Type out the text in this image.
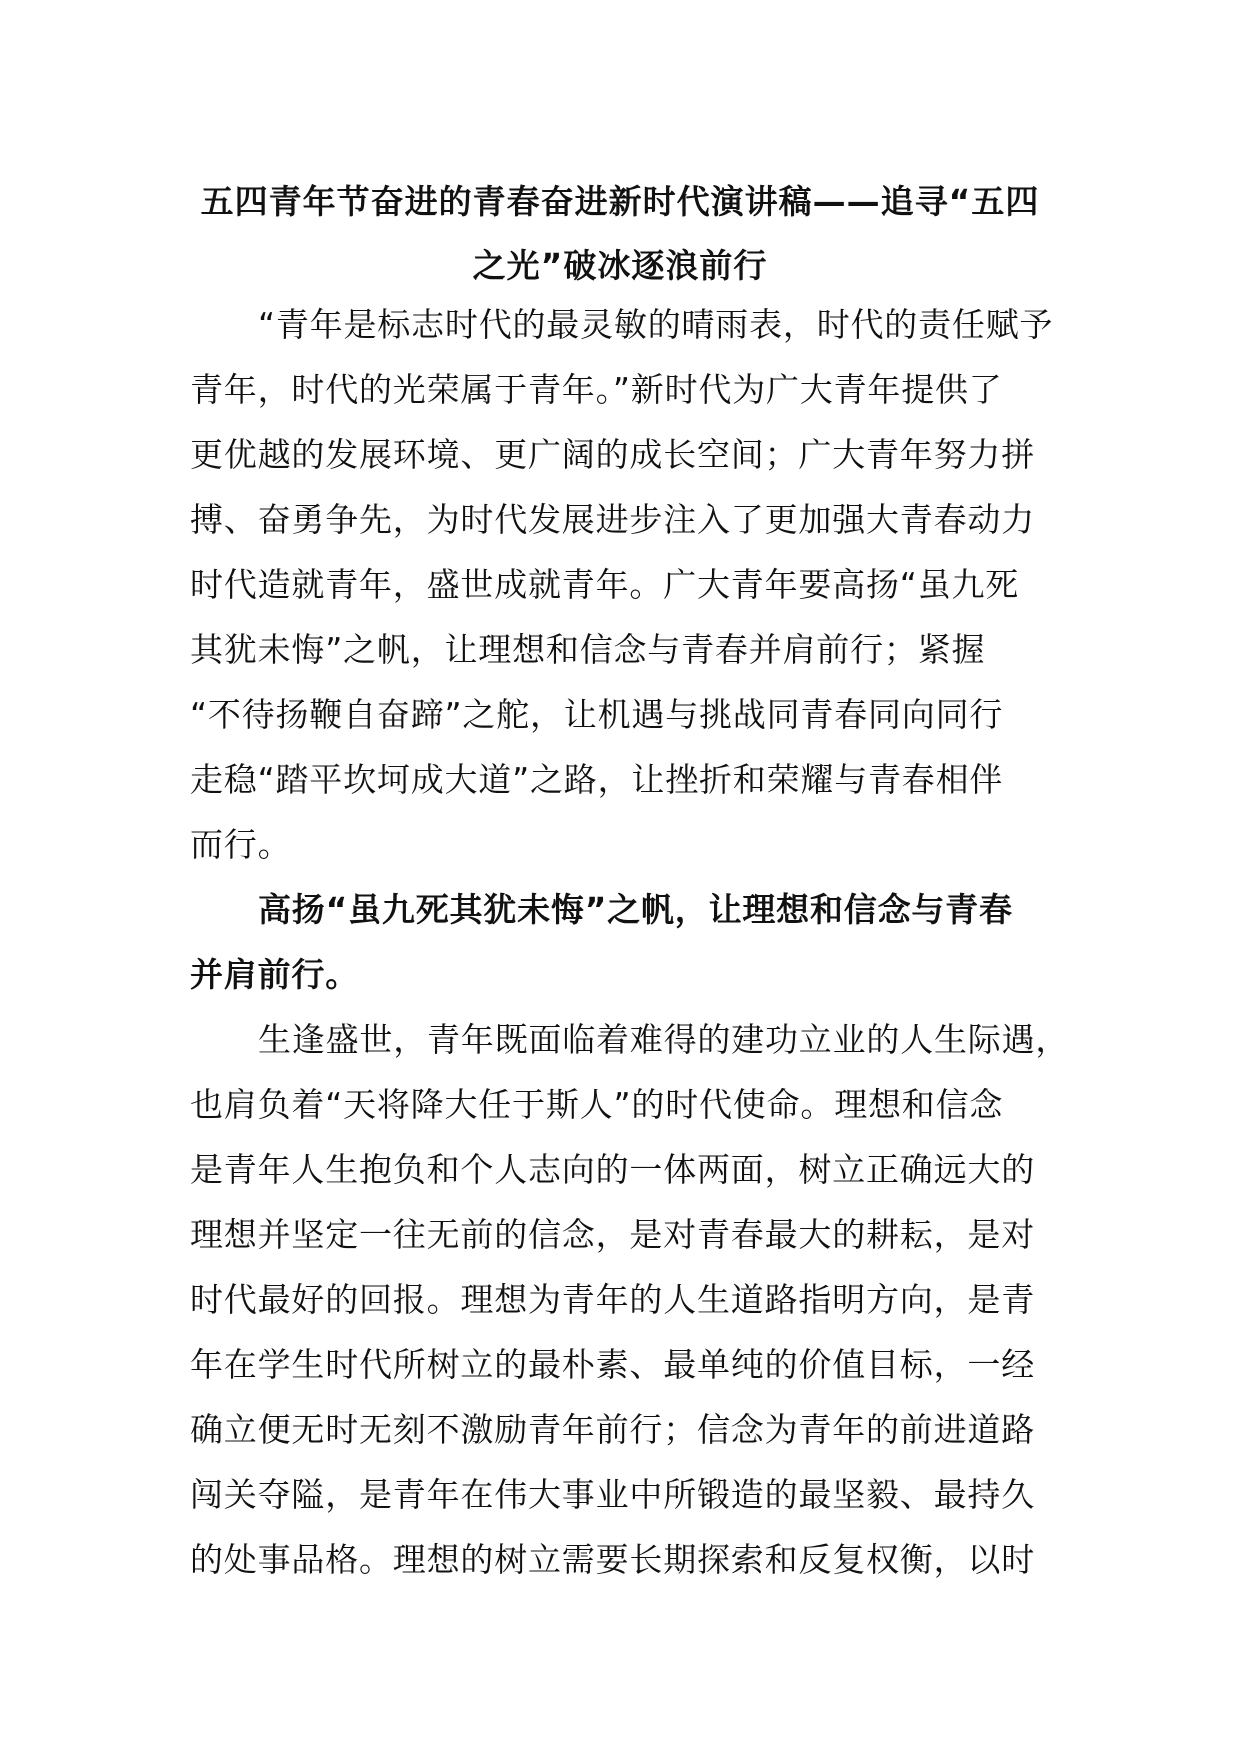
五四青年节奋进的青春奋进新时代演讲稿——追寻“五四
之光”破冰逐浪前行
“青年是标志时代的最灵敏的晴雨表，时代的责任赋予
青年，时代的光荣属于青年。”新时代为广大青年提供了
更优越的发展环境、更广阔的成长空间；广大青年努力拼
搏、奋勇争先，为时代发展进步注入了更加强大青春动力
时代造就青年，盛世成就青年。广大青年要高扬“虽九死
其犹未悔”之帆，让理想和信念与青春并肩前行；紧握
“不待扬鞭自奋蹄”之舵，让机遇与挑战同青春同向同行
走稳“踏平坎坷成大道”之路，让挫折和荣耀与青春相伴
而行。
高扬“虽九死其犹未悔”之帆，让理想和信念与青春
并肩前行。
生逢盛世，青年既面临着难得的建功立业的人生际遇，
也肩负着“天将降大任于斯人”的时代使命。理想和信念
是青年人生抱负和个人志向的一体两面，树立正确远大的
理想并坚定一往无前的信念，是对青春最大的耕耘，是对
时代最好的回报。理想为青年的人生道路指明方向，是青
年在学生时代所树立的最朴素、最单纯的价值目标，一经
确立便无时无刻不激励青年前行；信念为青年的前进道路
闯关夺隘，是青年在伟大事业中所锻造的最坚毅、最持久
的处事品格。理想的树立需要长期探索和反复权衡，以时
